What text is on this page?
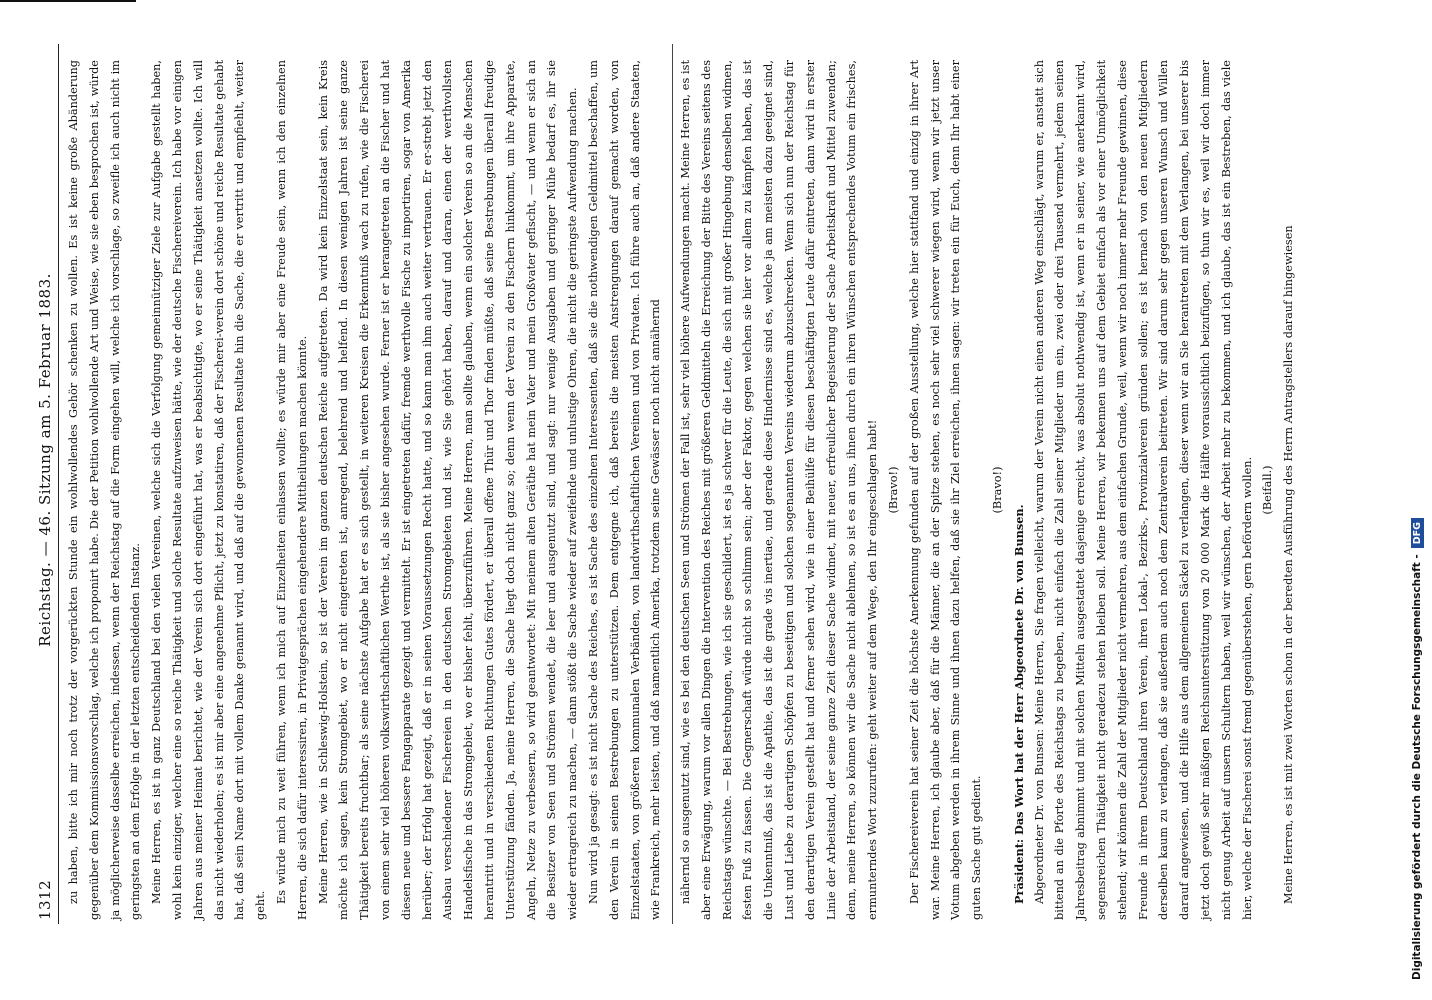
1312
Reichstag. — 46. Sitzung am 5. Februar 1883. zu haben, bitte ich mir noch trotz der vorgerückten Stunde ein wohlwollendes Gehör schenken zu wollen. Es ist keine große Abänderung gegenüber dem Kommissionsvorschlag, welche ich proponirt habe. Die der Petition wohlwollende Art und Weise, wie sie eben besprochen ist, würde ja möglicherweise dasselbe erreichen, indessen, wenn der Reichstag auf die Form eingehen will, welche ich vorschlage, so zweifle ich auch nicht im geringsten an dem Erfolge in der letzten entscheidenden Instanz. Meine Herren, es ist in ganz Deutschland bei den vielen Vereinen, welche sich die Verfolgung gemeinnütziger Ziele zur Aufgabe gestellt haben, wohl kein einziger, welcher eine so reiche Thätigkeit und solche Resultate aufzuweisen hätte, wie der deutsche Fischereiverein. Ich habe vor einigen Jahren aus meiner Heimat berichtet, wie der Verein sich dort eingeführt hat, was er beabsichtigte, wo er seine Thätigkeit ansetzen wollte. Ich will das nicht wiederholen; es ist mir aber eine angenehme Pflicht, jetzt zu konstatiren, daß der Fischerei-verein dort schöne und reiche Resultate gehabt hat, daß sein Name dort mit vollem Danke genannt wird, und daß auf die gewonnenen Resultate hin die Sache, die er vertritt und empfiehlt, weiter geht.

Es würde mich zu weit führen, wenn ich mich auf Einzelheiten einlassen wollte; es würde mir aber eine Freude sein, wenn ich den einzelnen Herren, die sich dafür interessiren, in Privatgesprächen eingehendere Mittheilungen machen könnte. Meine Herren, wie in Schleswig-Holstein, so ist der Verein im ganzen deutschen Reiche aufgetreten. Da wird kein Einzelstaat sein, kein Kreis möchte ich sagen, kein Stromgebiet, wo er nicht eingetreten ist, anregend, belehrend und helfend. In diesen wenigen Jahren ist seine ganze Thätigkeit bereits fruchtbar; als seine nächste Aufgabe hat er es sich gestellt, in weiteren Kreisen die Erkenntniß wach zu rufen, wie die Fischerei von einem sehr viel höheren volkswirthschaftlichen Werthe ist, als sie bisher angesehen wurde. Ferner ist er herangetreten an die Fischer und hat diesen neue und bessere Fangapparate gezeigt und vermittelt. Er ist eingetreten dafür, fremde werthvolle Fische zu importiren, sogar von Amerika herüber; der Erfolg hat gezeigt, daß er in seinen Voraussetzungen Recht hatte, und so kann man ihm auch weiter vertrauen. Er er-strebt jetzt den Ausbau verschiedener Fischereien in den deutschen Stromgebieten und ist, wie Sie gehört haben, darauf und daran, einen der werthvollsten Handelsfische in das Stromgebiet, wo er bisher fehlt, überzuführen. Meine Herren, man sollte glauben, wenn ein solcher Verein so an die Menschen herantritt und in verschiedenen Richtungen Gutes fördert, er überall offene Thür und Thor finden müßte, daß seine Bestrebungen überall freudige Unterstützung fänden. Ja, meine Herren, die Sache liegt doch nicht ganz so; denn wenn der Verein zu den Fischern hinkommt, um ihre Apparate, Angeln, Netze zu verbessern, so wird geantwortet: Mit meinem alten Geräthe hat mein Vater und mein Großvater gefischt, — und wenn er sich an die Besitzer von Seen und Strömen wendet, die leer und ausgenutzt sind, und sagt: nur wenige Ausgaben und geringer Mühe bedarf es, ihr sie wieder ertragreich zu machen, — dann stößt die Sache wieder auf zweifelnde und unlustige Ohren, die nicht die geringste Aufwendung machen. Nun wird ja gesagt: es ist nicht Sache des Reiches, es ist Sache des einzelnen Interessenten, daß sie die nothwendigen Geldmittel beschaffen, um den Verein in seinen Bestrebungen zu unterstützen. Dem entgegne ich, daß bereits die meisten Anstrengungen darauf gemacht worden, von Einzelstaaten, von größeren kommunalen Verbänden, von landwirthschaftlichen Vereinen und von Privaten. Ich führe auch an, daß andere Staaten, wie Frankreich, mehr leisten, und daß namentlich Amerika, trotzdem seine Gewässer noch nicht annähernd	nähernd so ausgenutzt sind, wie es bei den deutschen Seen und Strömen der Fall ist, sehr viel höhere Aufwendungen macht. Meine Herren, es ist aber eine Erwägung, warum vor allen Dingen die Intervention des Reiches mit größeren Geldmitteln die Erreichung der Bitte des Vereins seitens des Reichstags wünschte. — Bei Bestrebungen, wie ich sie geschildert, ist es ja schwer für die Leute, die sich mit großer Hingebung denselben widmen, festen Fuß zu fassen. Die Gegnerschaft würde nicht so schlimm sein; aber der Faktor, gegen welchen sie hier vor allem zu kämpfen haben, das ist die Unkenntniß, das ist die Apathie, das ist die grade vis inertiae, und gerade diese Hindernisse sind es, welche ja am meisten dazu geeignet sind, Lust und Liebe zu derartigen Schöpfen zu beseitigen und solchen sogenannten Vereins wiederum abzuschrecken. Wenn sich nun der Reichstag für den derartigen Verein gestellt hat und ferner sehen wird, wie in einer Beihülfe für diesen beschäftigten Leute dafür eintreten, dann wird in erster Linie der Arbeitstand, der seine ganze Zeit dieser Sache widmet, mit neuer, erfreulicher Begeisterung der Sache Arbeitskraft und Mittel zuwenden; denn, meine Herren, so können wir die Sache nicht ablehnen, so ist es an uns, ihnen durch ein ihren Wünschen entsprechendes Votum ein frisches, ermunterndes Wort zuzurufen: geht weiter auf dem Wege, den Ihr eingeschlagen habt! (Bravo!) Der Fischereiverein hat seiner Zeit die höchste Anerkennung gefunden auf der großen Ausstellung, welche hier stattfand und einzig in ihrer Art war. Meine Herren, ich glaube aber, daß für die Männer, die an der Spitze stehen, es noch sehr viel schwerer wiegen wird, wenn wir jetzt unser Votum abgeben werden in ihrem Sinne und ihnen dazu helfen, daß sie ihr Ziel erreichen, ihnen sagen: wir treten ein für Euch, denn Ihr habt einer guten Sache gut gedient.

(Bravo!)

Präsident: Das Wort hat der Herr Abgeordnete Dr. von Bunsen. Abgeordneter Dr. von Bunsen: Meine Herren, Sie fragen vielleicht, warum der Verein nicht einen anderen Weg einschlägt, warum er, anstatt sich bittend an die Pforte des Reichstags zu begeben, nicht einfach die Zahl seiner Mitglieder um ein, zwei oder drei Tausend vermehrt, jedem seinen Jahresbeitrag abnimmt und mit solchen Mitteln ausgestattet dasjenige erreicht, was absolut nothwendig ist, wenn er in seiner, wie anerkannt wird, segensreichen Thätigkeit nicht geradezu stehen bleiben soll. Meine Herren, wir bekennen uns auf dem Gebiet einfach als vor einer Unmöglichkeit stehend; wir können die Zahl der Mitglieder nicht vermehren, aus dem einfachen Grunde, weil, wenn wir noch immer mehr Freunde gewinnen, diese Freunde in ihrem Deutschland ihren Verein, ihren Lokal-, Bezirks-, Provinzialverein gründen sollen; es ist hernach von den neuen Mitgliedern derselben kaum zu verlangen, daß sie außerdem auch noch dem Zentralverein beitreten. Wir sind darum sehr gegen unseren Wunsch und Willen darauf angewiesen, und die Hilfe aus dem allgemeinen Säckel zu verlangen, dieser wenn wir an Sie herantreten mit dem Verlangen, bei unserer bis jetzt doch gewiß sehr mäßigen Reichsunterstützung von 20 000 Mark die Hälfte voraussichtlich beizufügen, so thun wir es, weil wir doch immer nicht genug Arbeit auf unsern Schultern haben, weil wir wünschen, der Arbeit mehr zu bekommen, und ich glaube, das ist ein Bestreben, das viele hier, welche der Fischerei sonst fremd gegenüberstehen, gern befördern wollen. (Beifall.) Meine Herren, es ist mit zwei Worten schon in der beredten Ausführung des Herrn Antragstellers darauf hingewiesen	Digitalisierung gefördert durch die Deutsche Forschungsgemeinschaft -
DFG
